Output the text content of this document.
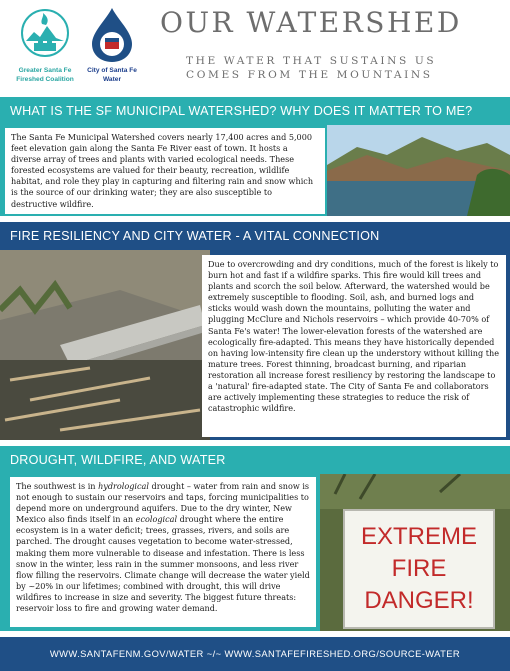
Greater Santa Fe
Fireshed Coalition
City of Santa Fe
Water
OUR WATERSHED
THE WATER THAT SUSTAINS US
COMES FROM THE MOUNTAINS
WHAT IS THE SF MUNICIPAL WATERSHED? WHY DOES IT MATTER TO ME?
The Santa Fe Municipal Watershed covers nearly 17,400 acres and 5,000 feet elevation gain along the Santa Fe River east of town. It hosts a diverse array of trees and plants with varied ecological needs. These forested ecosystems are valued for their beauty, recreation, wildlife habitat, and role they play in capturing and filtering rain and snow which is the source of our drinking water; they are also susceptible to destructive wildfire.
FIRE RESILIENCY AND CITY WATER - A VITAL CONNECTION
Due to overcrowding and dry conditions, much of the forest is likely to burn hot and fast if a wildfire sparks. This fire would kill trees and plants and scorch the soil below. Afterward, the watershed would be extremely susceptible to flooding. Soil, ash, and burned logs and sticks would wash down the mountains, polluting the water and plugging McClure and Nichols reservoirs – which provide 40-70% of Santa Fe's water! The lower-elevation forests of the watershed are ecologically fire-adapted. This means they have historically depended on having low-intensity fire clean up the understory without killing the mature trees. Forest thinning, broadcast burning, and riparian restoration all increase forest resiliency by restoring the landscape to a 'natural' fire-adapted state. The City of Santa Fe and collaborators are actively implementing these strategies to reduce the risk of catastrophic wildfire.
DROUGHT, WILDFIRE, AND WATER
The southwest is in hydrological drought – water from rain and snow is not enough to sustain our reservoirs and taps, forcing municipalities to depend more on underground aquifers. Due to the dry winter, New Mexico also finds itself in an ecological drought where the entire ecosystem is in a water deficit; trees, grasses, rivers, and soils are parched. The drought causes vegetation to become water-stressed, making them more vulnerable to disease and infestation. There is less snow in the winter, less rain in the summer monsoons, and less river flow filling the reservoirs. Climate change will decrease the water yield by ~20% in our lifetimes; combined with drought, this will drive wildfires to increase in size and severity. The biggest future threats: reservoir loss to fire and growing water demand.
EXTREME
FIRE
DANGER!
WWW.SANTAFENM.GOV/WATER ~/~ WWW.SANTAFEFIRESHED.ORG/SOURCE-WATER
